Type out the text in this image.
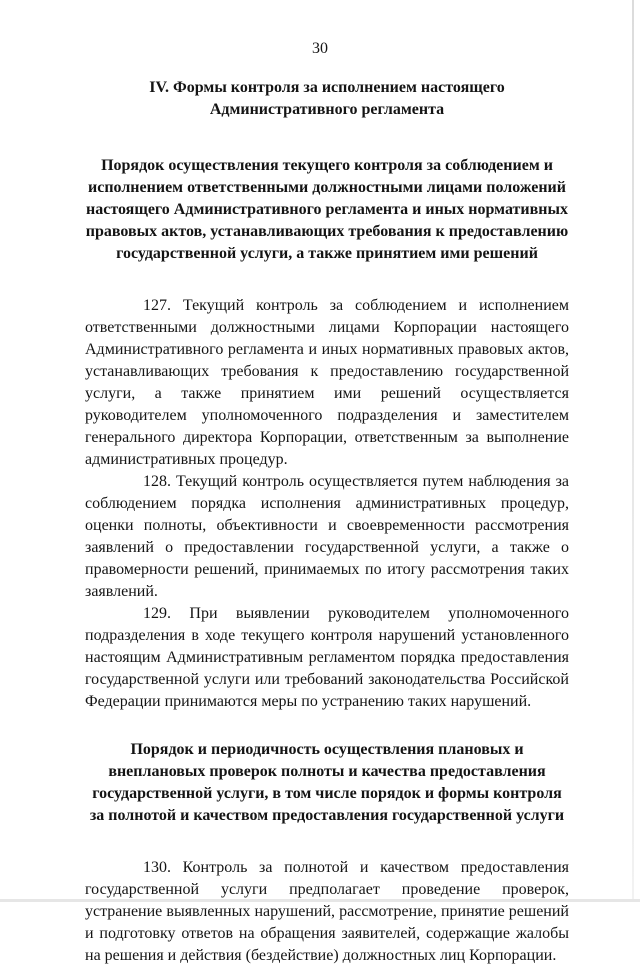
30

IV. Формы контроля за исполнением настоящего Административного регламента

Порядок осуществления текущего контроля за соблюдением и исполнением ответственными должностными лицами положений настоящего Административного регламента и иных нормативных правовых актов, устанавливающих требования к предоставлению государственной услуги, а также принятием ими решений

127. Текущий контроль за соблюдением и исполнением ответственными должностными лицами Корпорации настоящего Административного регламента и иных нормативных правовых актов, устанавливающих требования к предоставлению государственной услуги, а также принятием ими решений осуществляется руководителем уполномоченного подразделения и заместителем генерального директора Корпорации, ответственным за выполнение административных процедур.

128. Текущий контроль осуществляется путем наблюдения за соблюдением порядка исполнения административных процедур, оценки полноты, объективности и своевременности рассмотрения заявлений о предоставлении государственной услуги, а также о правомерности решений, принимаемых по итогу рассмотрения таких заявлений.

129. При выявлении руководителем уполномоченного подразделения в ходе текущего контроля нарушений установленного настоящим Административным регламентом порядка предоставления государственной услуги или требований законодательства Российской Федерации принимаются меры по устранению таких нарушений.

Порядок и периодичность осуществления плановых и внеплановых проверок полноты и качества предоставления государственной услуги, в том числе порядок и формы контроля за полнотой и качеством предоставления государственной услуги

130. Контроль за полнотой и качеством предоставления государственной услуги предполагает проведение проверок, устранение выявленных нарушений, рассмотрение, принятие решений и подготовку ответов на обращения заявителей, содержащие жалобы на решения и действия (бездействие) должностных лиц Корпорации.
